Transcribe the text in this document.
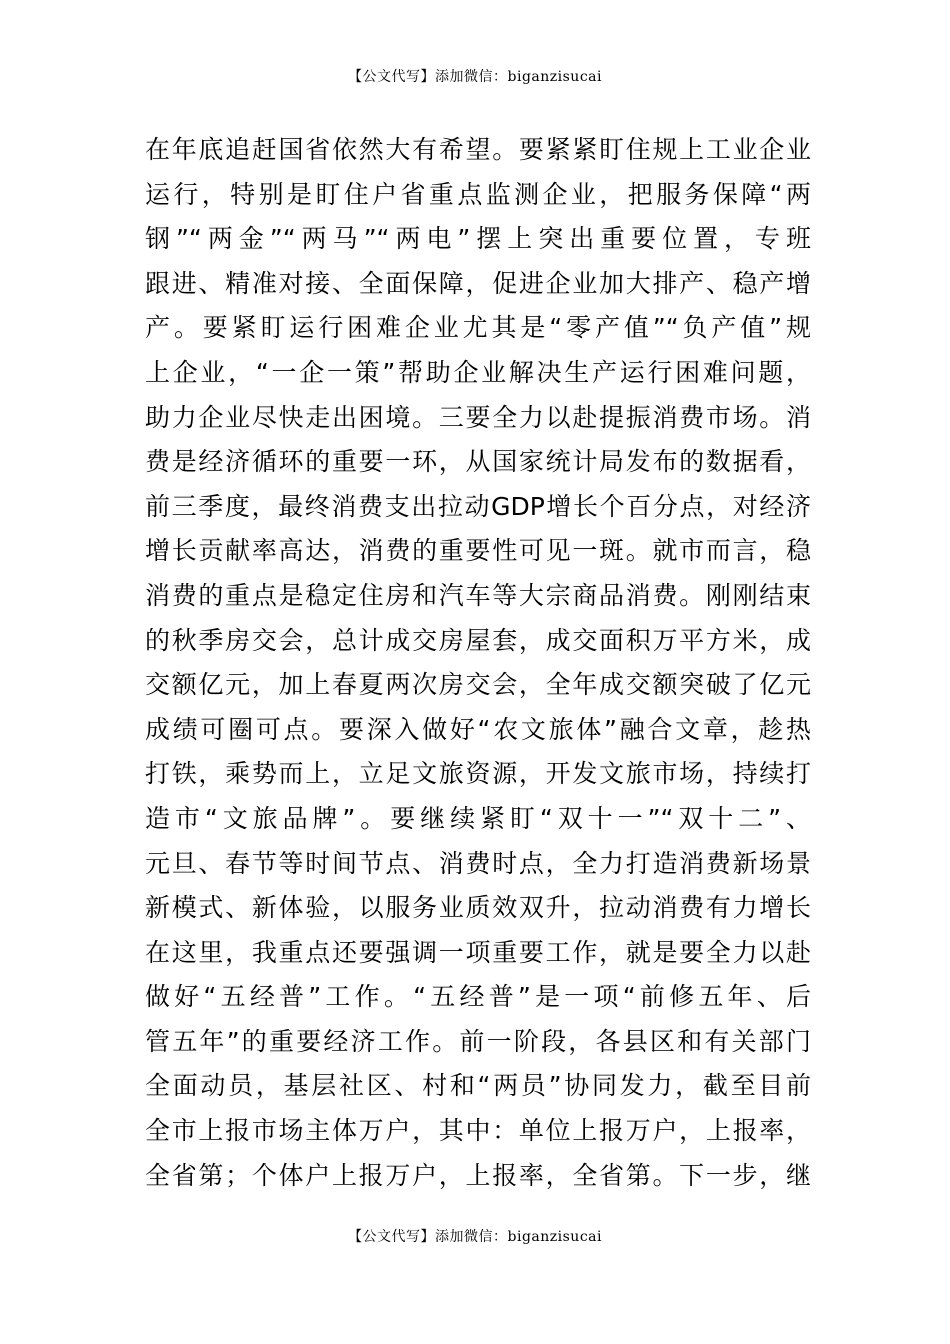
【公文代写】添加微信：biganzisucai
在年底追赶国省依然大有希望。要紧紧盯住规上工业企业
运行，特别是盯住户省重点监测企业，把服务保障“两
钢”“两金”“两马”“两电”摆上突出重要位置，专班
跟进、精准对接、全面保障，促进企业加大排产、稳产增
产。要紧盯运行困难企业尤其是“零产值”“负产值”规
上企业，“一企一策”帮助企业解决生产运行困难问题，
助力企业尽快走出困境。三要全力以赴提振消费市场。消
费是经济循环的重要一环，从国家统计局发布的数据看，
前三季度，最终消费支出拉动GDP增长个百分点，对经济
增长贡献率高达，消费的重要性可见一斑。就市而言，稳
消费的重点是稳定住房和汽车等大宗商品消费。刚刚结束
的秋季房交会，总计成交房屋套，成交面积万平方米，成
交额亿元，加上春夏两次房交会，全年成交额突破了亿元
成绩可圈可点。要深入做好“农文旅体”融合文章，趁热
打铁，乘势而上，立足文旅资源，开发文旅市场，持续打
造市“文旅品牌”。要继续紧盯“双十一”“双十二”、
元旦、春节等时间节点、消费时点，全力打造消费新场景
新模式、新体验，以服务业质效双升，拉动消费有力增长
在这里，我重点还要强调一项重要工作，就是要全力以赴
做好“五经普”工作。“五经普”是一项“前修五年、后
管五年”的重要经济工作。前一阶段，各县区和有关部门
全面动员，基层社区、村和“两员”协同发力，截至目前
全市上报市场主体万户，其中：单位上报万户，上报率，
全省第；个体户上报万户，上报率，全省第。下一步，继
【公文代写】添加微信：biganzisucai
